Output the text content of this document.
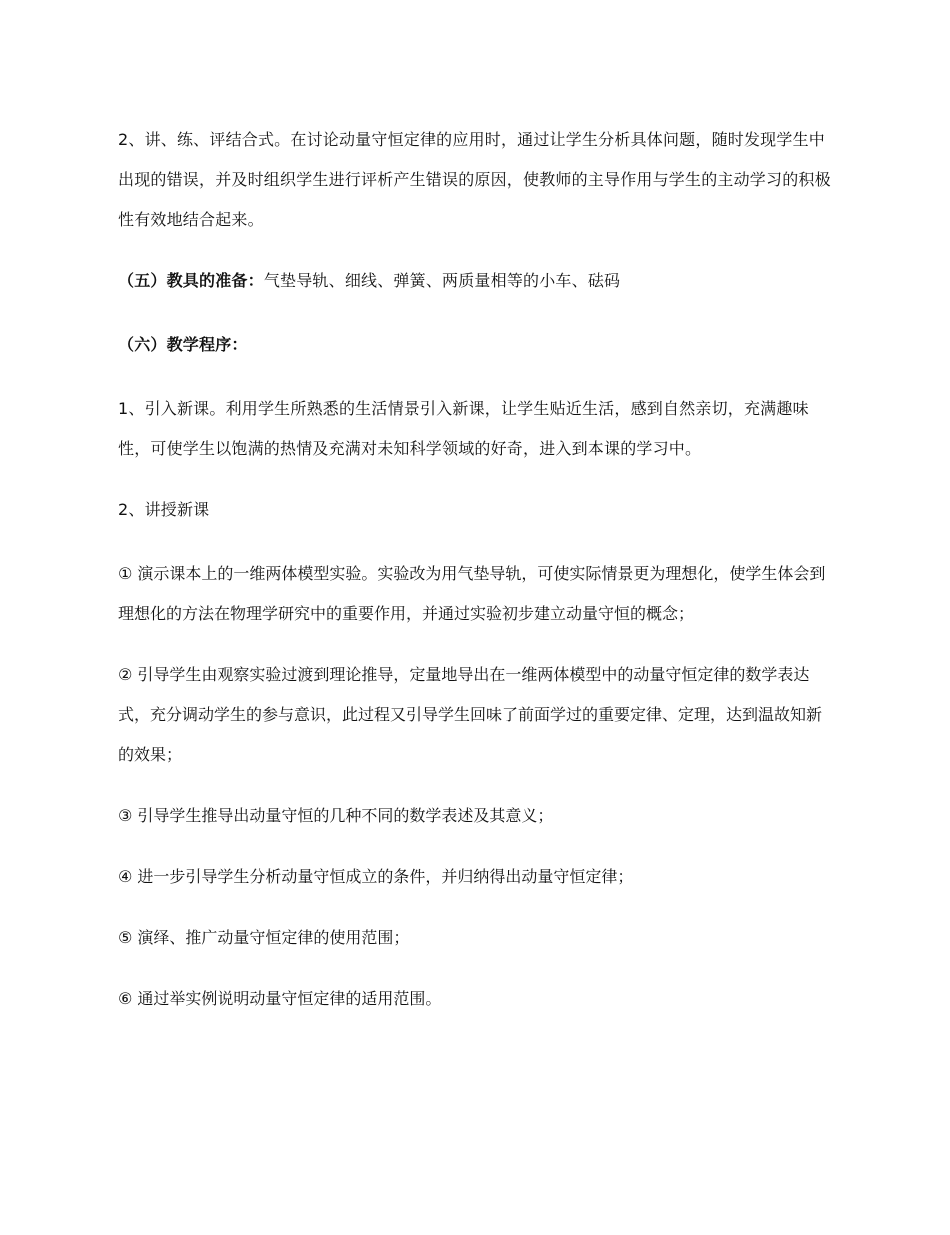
2、讲、练、评结合式。在讨论动量守恒定律的应用时，通过让学生分析具体问题，随时发现学生中出现的错误，并及时组织学生进行评析产生错误的原因，使教师的主导作用与学生的主动学习的积极性有效地结合起来。

（五）教具的准备：气垫导轨、细线、弹簧、两质量相等的小车、砝码

（六）教学程序：

1、引入新课。利用学生所熟悉的生活情景引入新课，让学生贴近生活，感到自然亲切，充满趣味性，可使学生以饱满的热情及充满对未知科学领域的好奇，进入到本课的学习中。

2、讲授新课

① 演示课本上的一维两体模型实验。实验改为用气垫导轨，可使实际情景更为理想化，使学生体会到理想化的方法在物理学研究中的重要作用，并通过实验初步建立动量守恒的概念；

② 引导学生由观察实验过渡到理论推导，定量地导出在一维两体模型中的动量守恒定律的数学表达式，充分调动学生的参与意识，此过程又引导学生回味了前面学过的重要定律、定理，达到温故知新的效果；

③ 引导学生推导出动量守恒的几种不同的数学表述及其意义；

④ 进一步引导学生分析动量守恒成立的条件，并归纳得出动量守恒定律；

⑤ 演绎、推广动量守恒定律的使用范围；

⑥ 通过举实例说明动量守恒定律的适用范围。
